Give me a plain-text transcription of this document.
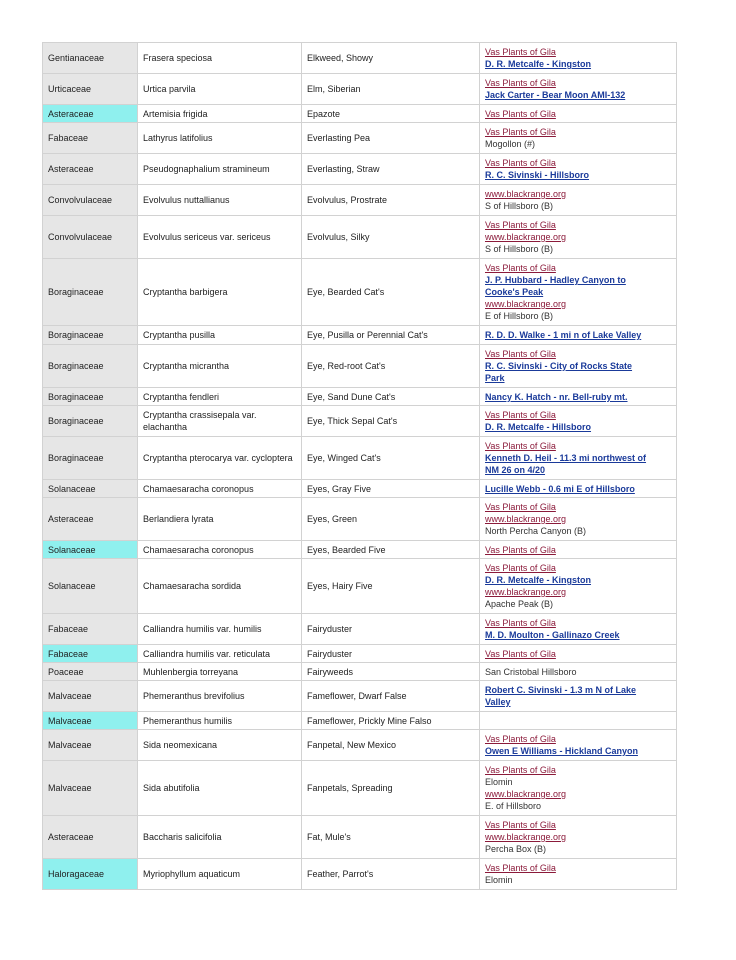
Gentianaceae	Frasera speciosa	Elkweed, Showy	Vas Plants of Gila
D. R. Metcalfe - Kingston

Urticaceae	Urtica parvila	Elm, Siberian	Vas Plants of Gila
Jack Carter - Bear Moon AMI-132

Asteraceae	Artemisia frigida	Epazote	Vas Plants of Gila

Fabaceae	Lathyrus latifolius	Everlasting Pea	Vas Plants of Gila
Mogollon (#)

Asteraceae	Pseudognaphalium stramineum	Everlasting, Straw	Vas Plants of Gila
R. C. Sivinski - Hillsboro

Convolvulaceae	Evolvulus nuttallianus	Evolvulus, Prostrate	www.blackrange.org
S of Hillsboro (B)

Convolvulaceae	Evolvulus sericeus var. sericeus	Evolvulus, Silky	Vas Plants of Gila
www.blackrange.org
S of Hillsboro (B)

Boraginaceae	Cryptantha barbigera	Eye, Bearded Cat's	Vas Plants of Gila
J. P. Hubbard - Hadley Canyon to
Cooke's Peak
www.blackrange.org
E of Hillsboro (B)

Boraginaceae	Cryptantha pusilla	Eye, Pusilla or Perennial Cat's	R. D. D. Walke - 1 mi n of Lake Valley

Boraginaceae	Cryptantha micrantha	Eye, Red-root Cat's	Vas Plants of Gila
R. C. Sivinski - City of Rocks State
Park

Boraginaceae	Cryptantha fendleri	Eye, Sand Dune Cat's	Nancy K. Hatch - nr. Bell-ruby mt.

Boraginaceae	Cryptantha crassisepala var. elachantha	Eye, Thick Sepal Cat's	Vas Plants of Gila
D. R. Metcalfe - Hillsboro

Boraginaceae	Cryptantha pterocarya var. cycloptera	Eye, Winged Cat's	Vas Plants of Gila
Kenneth D. Heil - 11.3 mi northwest of
NM 26 on 4/20

Solanaceae	Chamaesaracha coronopus	Eyes, Gray Five	Lucille Webb - 0.6 mi E of Hillsboro

Asteraceae	Berlandiera lyrata	Eyes, Green	Vas Plants of Gila
www.blackrange.org
North Percha Canyon (B)

Solanaceae	Chamaesaracha coronopus	Eyes, Bearded Five	Vas Plants of Gila

Solanaceae	Chamaesaracha sordida	Eyes, Hairy Five	Vas Plants of Gila
D. R. Metcalfe - Kingston
www.blackrange.org
Apache Peak (B)

Fabaceae	Calliandra humilis var. humilis	Fairyduster	Vas Plants of Gila
M. D. Moulton - Gallinazo Creek

Fabaceae	Calliandra humilis var. reticulata	Fairyduster	Vas Plants of Gila

Poaceae	Muhlenbergia torreyana	Fairyweeds	San Cristobal Hillsboro

Malvaceae	Phemeranthus brevifolius	Fameflower, Dwarf False	Robert C. Sivinski - 1.3 m N of Lake
Valley

Malvaceae	Phemeranthus humilis	Fameflower, Prickly Mine Falso	
Malvaceae	Sida neomexicana	Fanpetal, New Mexico	Vas Plants of Gila
Owen E Williams - Hickland Canyon

Malvaceae	Sida abutifolia	Fanpetals, Spreading	Vas Plants of Gila
Elomin
www.blackrange.org
E. of Hillsboro

Asteraceae	Baccharis salicifolia	Fat, Mule's	Vas Plants of Gila
www.blackrange.org
Percha Box (B)

Haloragaceae	Myriophyllum aquaticum	Feather, Parrot's	Vas Plants of Gila
Elomin
